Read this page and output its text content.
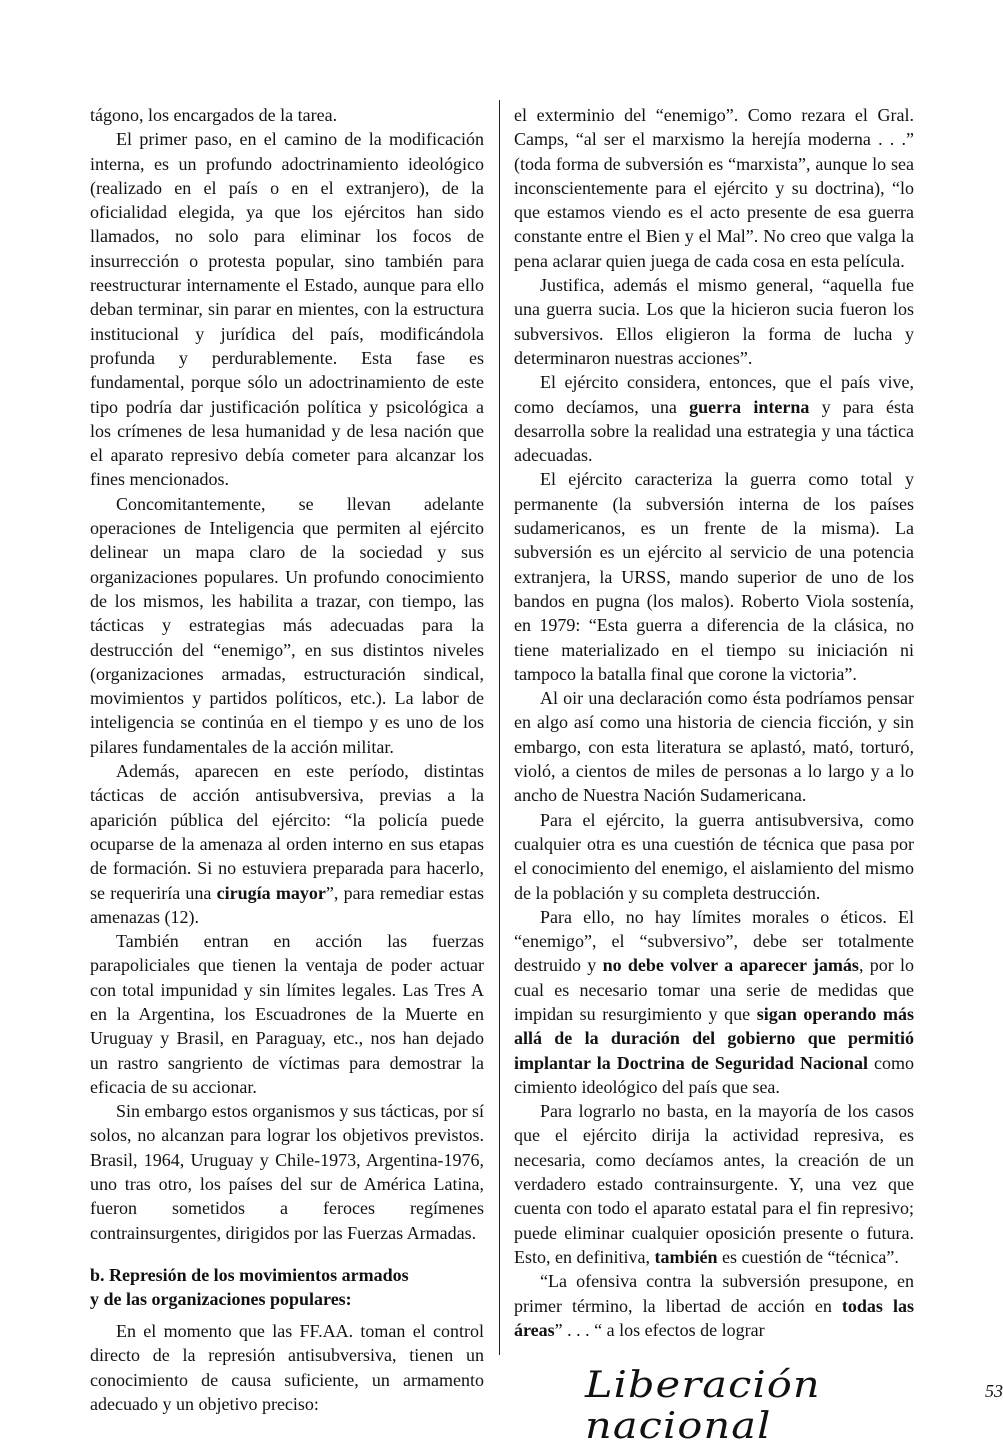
tágono, los encargados de la tarea.

El primer paso, en el camino de la modificación interna, es un profundo adoctrinamiento ideológico (realizado en el país o en el extranjero), de la oficialidad elegida, ya que los ejércitos han sido llamados, no solo para eliminar los focos de insurrección o protesta popular, sino también para reestructurar internamente el Estado, aunque para ello deban terminar, sin parar en mientes, con la estructura institucional y jurídica del país, modificándola profunda y perdurablemente. Esta fase es fundamental, porque sólo un adoctrinamiento de este tipo podría dar justificación política y psicológica a los crímenes de lesa humanidad y de lesa nación que el aparato represivo debía cometer para alcanzar los fines mencionados.

Concomitantemente, se llevan adelante operaciones de Inteligencia que permiten al ejército delinear un mapa claro de la sociedad y sus organizaciones populares. Un profundo conocimiento de los mismos, les habilita a trazar, con tiempo, las tácticas y estrategias más adecuadas para la destrucción del “enemigo”, en sus distintos niveles (organizaciones armadas, estructuración sindical, movimientos y partidos políticos, etc.). La labor de inteligencia se continúa en el tiempo y es uno de los pilares fundamentales de la acción militar.

Además, aparecen en este período, distintas tácticas de acción antisubversiva, previas a la aparición pública del ejército: “la policía puede ocuparse de la amenaza al orden interno en sus etapas de formación. Si no estuviera preparada para hacerlo, se requeriría una cirugía mayor”, para remediar estas amenazas (12).

También entran en acción las fuerzas parapoliciales que tienen la ventaja de poder actuar con total impunidad y sin límites legales. Las Tres A en la Argentina, los Escuadrones de la Muerte en Uruguay y Brasil, en Paraguay, etc., nos han dejado un rastro sangriento de víctimas para demostrar la eficacia de su accionar.

Sin embargo estos organismos y sus tácticas, por sí solos, no alcanzan para lograr los objetivos previstos. Brasil, 1964, Uruguay y Chile-1973, Argentina-1976, uno tras otro, los países del sur de América Latina, fueron sometidos a feroces regímenes contrainsurgentes, dirigidos por las Fuerzas Armadas.

b. Represión de los movimientos armados
y de las organizaciones populares:

En el momento que las FF.AA. toman el control directo de la represión antisubversiva, tienen un conocimiento de causa suficiente, un armamento adecuado y un objetivo preciso:

el exterminio del “enemigo”. Como rezara el Gral. Camps, “al ser el marxismo la herejía moderna . . .” (toda forma de subversión es “marxista”, aunque lo sea inconscientemente para el ejército y su doctrina), “lo que estamos viendo es el acto presente de esa guerra constante entre el Bien y el Mal”. No creo que valga la pena aclarar quien juega de cada cosa en esta película.

Justifica, además el mismo general, “aquella fue una guerra sucia. Los que la hicieron sucia fueron los subversivos. Ellos eligieron la forma de lucha y determinaron nuestras acciones”.

El ejército considera, entonces, que el país vive, como decíamos, una guerra interna y para ésta desarrolla sobre la realidad una estrategia y una táctica adecuadas.

El ejército caracteriza la guerra como total y permanente (la subversión interna de los países sudamericanos, es un frente de la misma). La subversión es un ejército al servicio de una potencia extranjera, la URSS, mando superior de uno de los bandos en pugna (los malos). Roberto Viola sostenía, en 1979: “Esta guerra a diferencia de la clásica, no tiene materializado en el tiempo su iniciación ni tampoco la batalla final que corone la victoria”.

Al oir una declaración como ésta podríamos pensar en algo así como una historia de ciencia ficción, y sin embargo, con esta literatura se aplastó, mató, torturó, violó, a cientos de miles de personas a lo largo y a lo ancho de Nuestra Nación Sudamericana.

Para el ejército, la guerra antisubversiva, como cualquier otra es una cuestión de técnica que pasa por el conocimiento del enemigo, el aislamiento del mismo de la población y su completa destrucción.

Para ello, no hay límites morales o éticos. El “enemigo”, el “subversivo”, debe ser totalmente destruido y no debe volver a aparecer jamás, por lo cual es necesario tomar una serie de medidas que impidan su resurgimiento y que sigan operando más allá de la duración del gobierno que permitió implantar la Doctrina de Seguridad Nacional como cimiento ideológico del país que sea.

Para lograrlo no basta, en la mayoría de los casos que el ejército dirija la actividad represiva, es necesaria, como decíamos antes, la creación de un verdadero estado contrainsurgente. Y, una vez que cuenta con todo el aparato estatal para el fin represivo; puede eliminar cualquier oposición presente o futura. Esto, en definitiva, también es cuestión de “técnica”.

“La ofensiva contra la subversión presupone, en primer término, la libertad de acción en todas las áreas” . . . “ a los efectos de lograr

Liberación nacional
53
